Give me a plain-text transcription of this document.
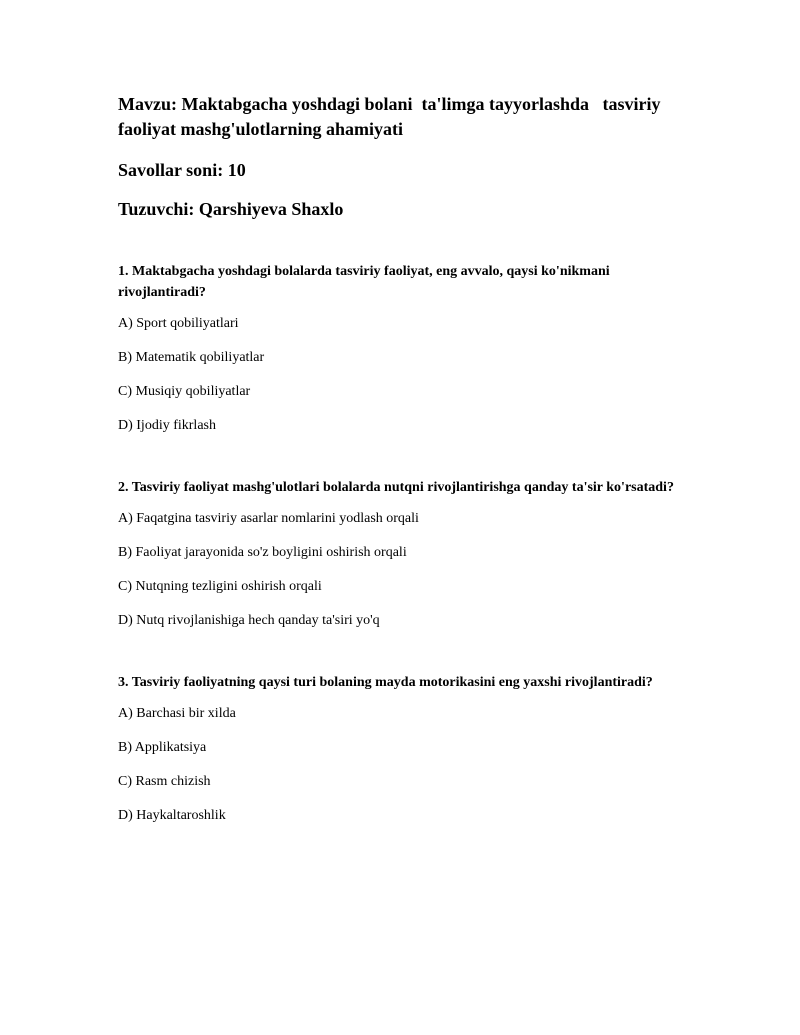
Mavzu: Maktabgacha yoshdagi bolani  ta'limga tayyorlashda   tasviriy faoliyat mashg'ulotlarning ahamiyati

Savollar soni: 10

Tuzuvchi: Qarshiyeva Shaxlo

1. Maktabgacha yoshdagi bolalarda tasviriy faoliyat, eng avvalo, qaysi ko'nikmani rivojlantiradi?

A) Sport qobiliyatlari
B) Matematik qobiliyatlar
C) Musiqiy qobiliyatlar
D) Ijodiy fikrlash

2. Tasviriy faoliyat mashg'ulotlari bolalarda nutqni rivojlantirishga qanday ta'sir ko'rsatadi?

A) Faqatgina tasviriy asarlar nomlarini yodlash orqali
B) Faoliyat jarayonida so'z boyligini oshirish orqali
C) Nutqning tezligini oshirish orqali
D) Nutq rivojlanishiga hech qanday ta'siri yo'q

3. Tasviriy faoliyatning qaysi turi bolaning mayda motorikasini eng yaxshi rivojlantiradi?

A) Barchasi bir xilda
B) Applikatsiya
C) Rasm chizish
D) Haykaltaroshlik
